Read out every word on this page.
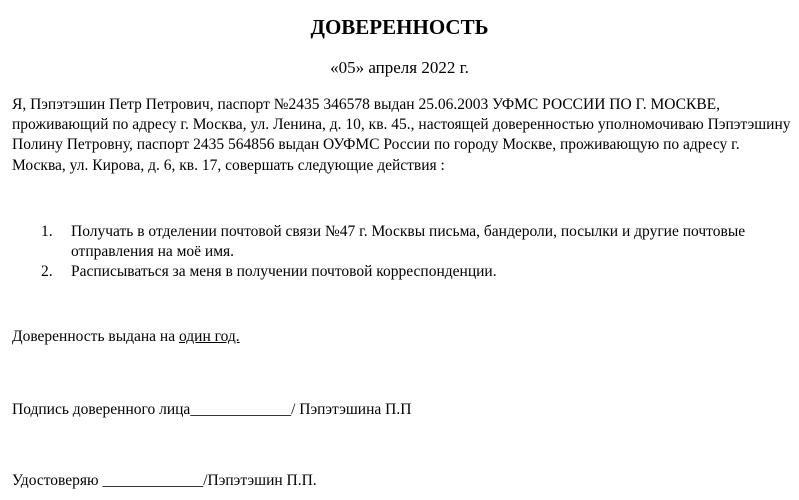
ДОВЕРЕННОСТЬ

«05» апреля 2022 г.

Я, Пэпэтэшин Петр Петрович, паспорт №2435 346578 выдан 25.06.2003 УФМС РОССИИ ПО Г. МОСКВЕ, проживающий по адресу г. Москва, ул. Ленина, д. 10, кв. 45., настоящей доверенностью уполномочиваю Пэпэтэшину Полину Петровну, паспорт 2435 564856 выдан ОУФМС России по городу Москве, проживающую по адресу г. Москва, ул. Кирова, д. 6, кв. 17, совершать следующие действия :

1. Получать в отделении почтовой связи №47 г. Москвы письма, бандероли, посылки и другие почтовые отправления на моё имя.
2. Расписываться за меня в получении почтовой корреспонденции.

Доверенность выдана на один год.

Подпись доверенного лица_____________/ Пэпэтэшина П.П

Удостоверяю _____________/Пэпэтэшин П.П.
